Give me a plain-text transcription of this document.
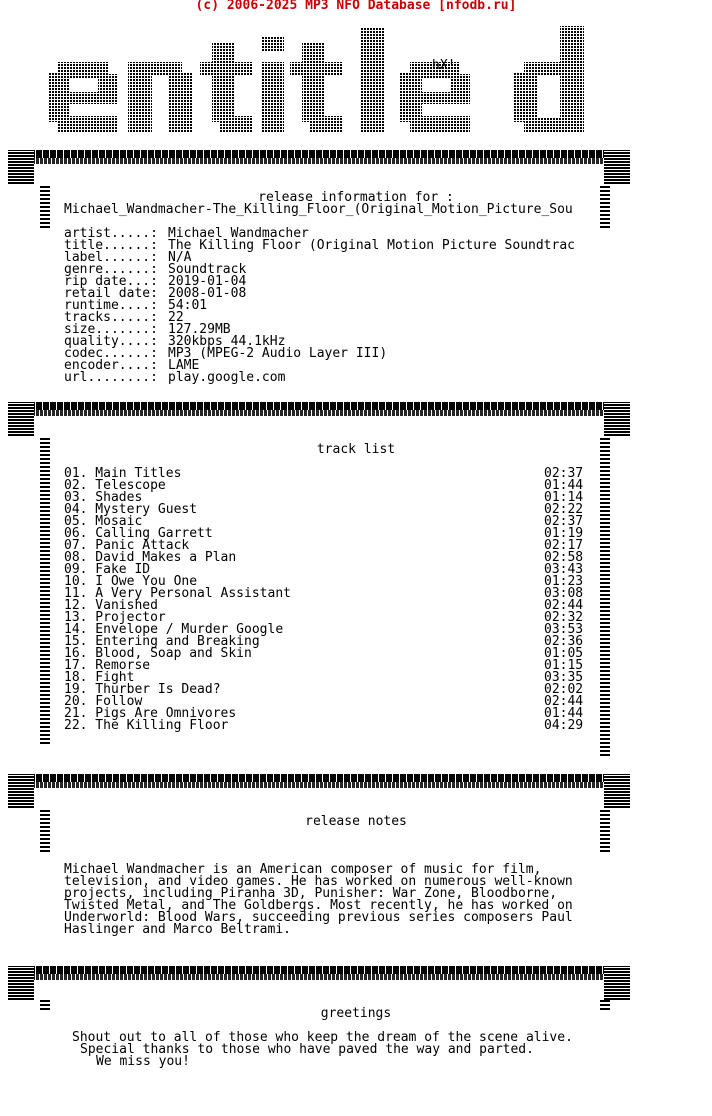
(c) 2006-2025 MP3 NFO Database [nfodb.ru]
hX!
release information for :
Michael_Wandmacher-The_Killing_Floor_(Original_Motion_Picture_Sou
artist.....: Michael Wandmacher
title......: The Killing Floor (Original Motion Picture Soundtrac
label......: N/A
genre......: Soundtrack
rip date...: 2019-01-04
retail date: 2008-01-08
runtime....: 54:01
tracks.....: 22
size.......: 127.29MB
quality....: 320kbps 44.1kHz
codec......: MP3 (MPEG-2 Audio Layer III)
encoder....: LAME
url........: play.google.com
track list
01. Main Titles	02:37
02. Telescope	01:44
03. Shades	01:14
04. Mystery Guest	02:22
05. Mosaic	02:37
06. Calling Garrett	01:19
07. Panic Attack	02:17
08. David Makes a Plan	02:58
09. Fake ID	03:43
10. I Owe You One	01:23
11. A Very Personal Assistant	03:08
12. Vanished	02:44
13. Projector	02:32
14. Envelope / Murder Google	03:53
15. Entering and Breaking	02:36
16. Blood, Soap and Skin	01:05
17. Remorse	01:15
18. Fight	03:35
19. Thurber Is Dead?	02:02
20. Follow	02:44
21. Pigs Are Omnivores	01:44
22. The Killing Floor	04:29
release notes
Michael Wandmacher is an American composer of music for film,
television, and video games. He has worked on numerous well-known
projects, including Piranha 3D, Punisher: War Zone, Bloodborne,
Twisted Metal, and The Goldbergs. Most recently, he has worked on
Underworld: Blood Wars, succeeding previous series composers Paul
Haslinger and Marco Beltrami.
greetings
Shout out to all of those who keep the dream of the scene alive.
Special thanks to those who have paved the way and parted.
We miss you!
